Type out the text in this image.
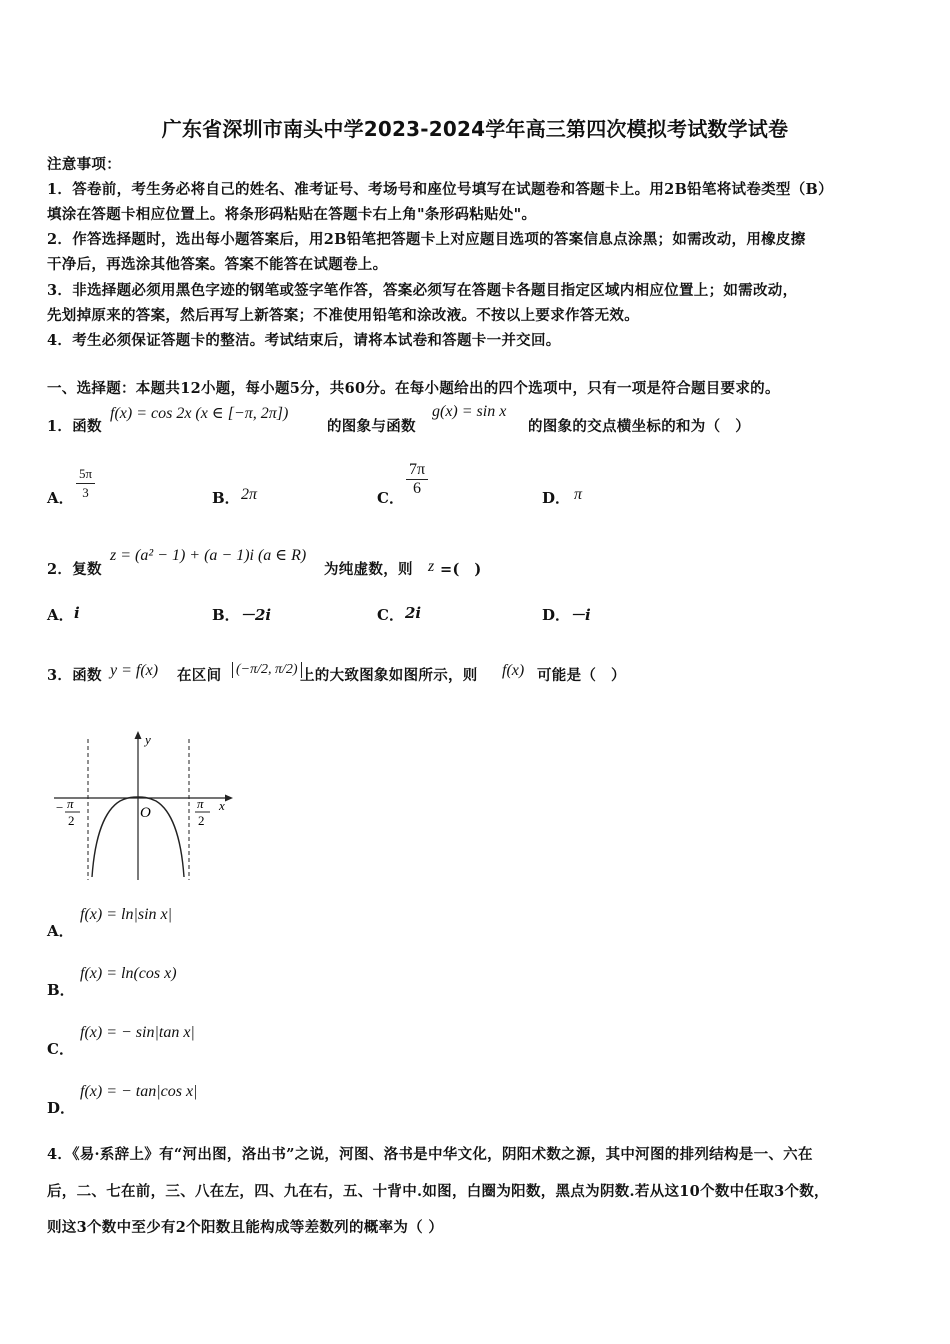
广东省深圳市南头中学2023-2024学年高三第四次模拟考试数学试卷
注意事项：
1．答卷前，考生务必将自己的姓名、准考证号、考场号和座位号填写在试题卷和答题卡上。用2B铅笔将试卷类型（B）
填涂在答题卡相应位置上。将条形码粘贴在答题卡右上角"条形码粘贴处"。
2．作答选择题时，选出每小题答案后，用2B铅笔把答题卡上对应题目选项的答案信息点涂黑；如需改动，用橡皮擦
干净后，再选涂其他答案。答案不能答在试题卷上。
3．非选择题必须用黑色字迹的钢笔或签字笔作答，答案必须写在答题卡各题目指定区域内相应位置上；如需改动，
先划掉原来的答案，然后再写上新答案；不准使用铅笔和涂改液。不按以上要求作答无效。
4．考生必须保证答题卡的整洁。考试结束后，请将本试卷和答题卡一并交回。
一、选择题：本题共12小题，每小题5分，共60分。在每小题给出的四个选项中，只有一项是符合题目要求的。
1．函数
f(x) = cos 2x (x ∈ [−π, 2π])
的图象与函数
g(x) = sin x
的图象的交点横坐标的和为（　）
A． $\frac{5\pi}{3}$	B． 2π	C． $\frac{7\pi}{6}$	D． π
2．复数
z = (a² − 1) + (a − 1)i (a ∈ R)
为纯虚数，则 z =(　)
A． i	B． －2i	C． 2i	D． －i
3．函数 y = f(x) 在区间 (−π/2, π/2) 上的大致图象如图所示，则 f(x) 可能是（　）
y
x
O
− π
2
π
2
A．
f(x) = ln|sin x|
B．
f(x) = ln(cos x)
C．
f(x) = − sin|tan x|
D．
f(x) = − tan|cos x|
4．《易·系辞上》有“河出图，洛出书”之说，河图、洛书是中华文化，阴阳术数之源，其中河图的排列结构是一、六在
后，二、七在前，三、八在左，四、九在右，五、十背中.如图，白圈为阳数，黑点为阴数.若从这10个数中任取3个数，
则这3个数中至少有2个阳数且能构成等差数列的概率为（ ）
